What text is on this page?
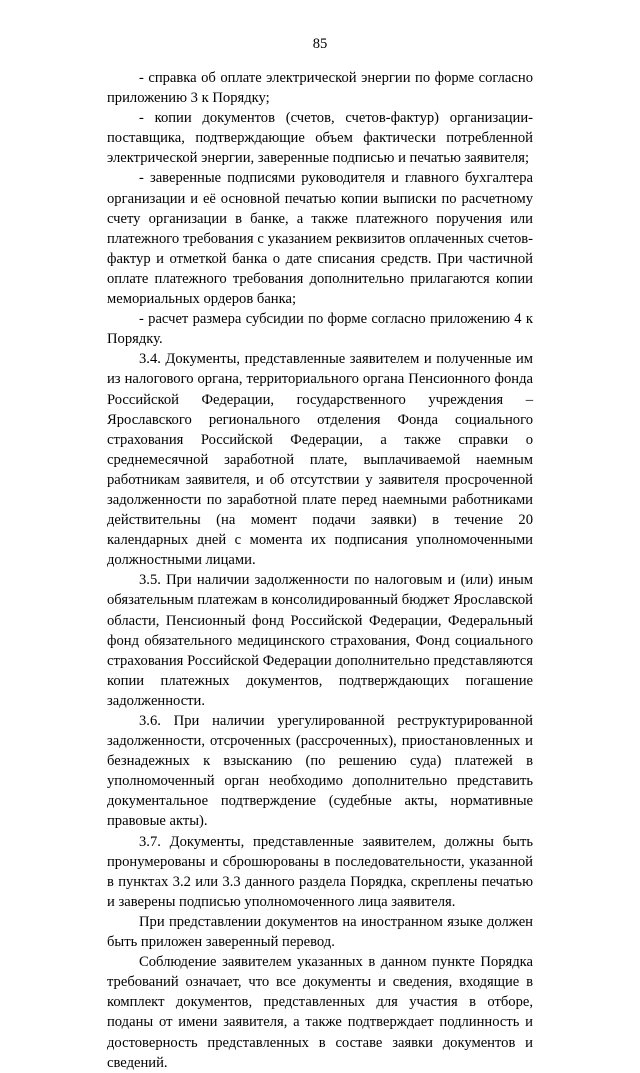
85

- справка об оплате электрической энергии по форме согласно приложению 3 к Порядку;

- копии документов (счетов, счетов-фактур) организации-поставщика, подтверждающие объем фактически потребленной электрической энергии, заверенные подписью и печатью заявителя;

- заверенные подписями руководителя и главного бухгалтера организации и её основной печатью копии выписки по расчетному счету организации в банке, а также платежного поручения или платежного требования с указанием реквизитов оплаченных счетов-фактур и отметкой банка о дате списания средств. При частичной оплате платежного требования дополнительно прилагаются копии мемориальных ордеров банка;

- расчет размера субсидии по форме согласно приложению 4 к Порядку.

3.4. Документы, представленные заявителем и полученные им из налогового органа, территориального органа Пенсионного фонда Российской Федерации, государственного учреждения – Ярославского регионального отделения Фонда социального страхования Российской Федерации, а также справки о среднемесячной заработной плате, выплачиваемой наемным работникам заявителя, и об отсутствии у заявителя просроченной задолженности по заработной плате перед наемными работниками действительны (на момент подачи заявки) в течение 20 календарных дней с момента их подписания уполномоченными должностными лицами.

3.5. При наличии задолженности по налоговым и (или) иным обязательным платежам в консолидированный бюджет Ярославской области, Пенсионный фонд Российской Федерации, Федеральный фонд обязательного медицинского страхования, Фонд социального страхования Российской Федерации дополнительно представляются копии платежных документов, подтверждающих погашение задолженности.

3.6. При наличии урегулированной реструктурированной задолженности, отсроченных (рассроченных), приостановленных и безнадежных к взысканию (по решению суда) платежей в уполномоченный орган необходимо дополнительно представить документальное подтверждение (судебные акты, нормативные правовые акты).

3.7. Документы, представленные заявителем, должны быть пронумерованы и сброшюрованы в последовательности, указанной в пунктах 3.2 или 3.3 данного раздела Порядка, скреплены печатью и заверены подписью уполномоченного лица заявителя.

При представлении документов на иностранном языке должен быть приложен заверенный перевод.

Соблюдение заявителем указанных в данном пункте Порядка требований означает, что все документы и сведения, входящие в комплект документов, представленных для участия в отборе, поданы от имени заявителя, а также подтверждает подлинность и достоверность представленных в составе заявки документов и сведений.
